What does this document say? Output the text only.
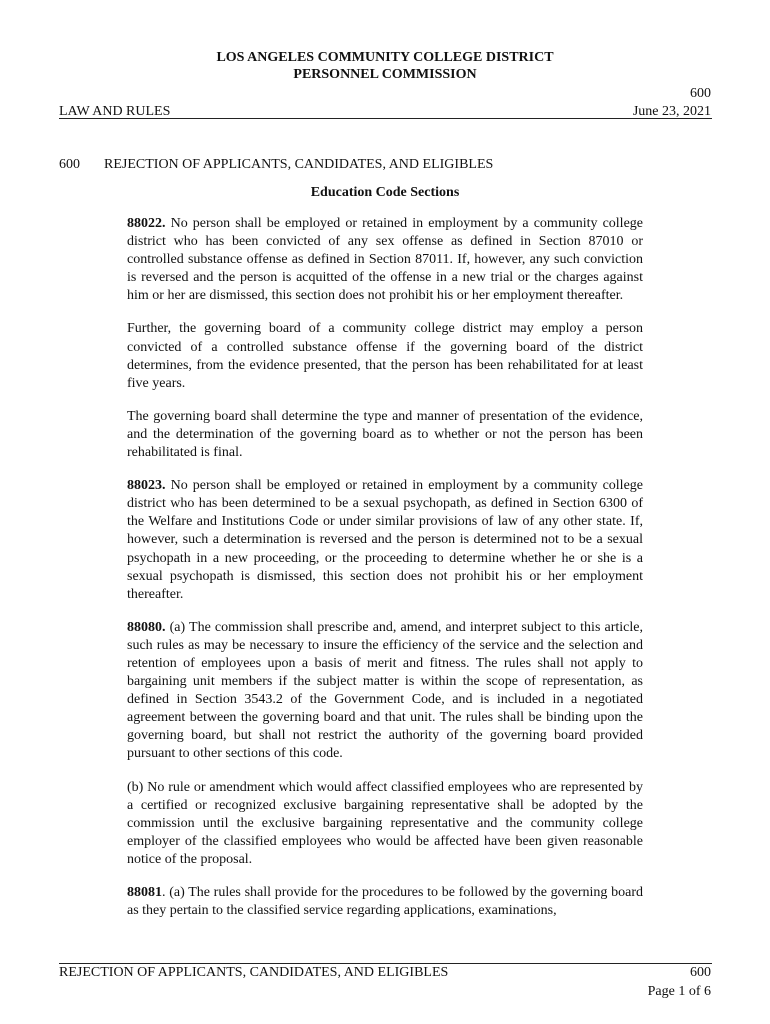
LOS ANGELES COMMUNITY COLLEGE DISTRICT
PERSONNEL COMMISSION
600
LAW AND RULES	June 23, 2021
600 REJECTION OF APPLICANTS, CANDIDATES, AND ELIGIBLES
Education Code Sections

88022. No person shall be employed or retained in employment by a community college district who has been convicted of any sex offense as defined in Section 87010 or controlled substance offense as defined in Section 87011. If, however, any such conviction is reversed and the person is acquitted of the offense in a new trial or the charges against him or her are dismissed, this section does not prohibit his or her employment thereafter.

Further, the governing board of a community college district may employ a person convicted of a controlled substance offense if the governing board of the district determines, from the evidence presented, that the person has been rehabilitated for at least five years.

The governing board shall determine the type and manner of presentation of the evidence, and the determination of the governing board as to whether or not the person has been rehabilitated is final.

88023. No person shall be employed or retained in employment by a community college district who has been determined to be a sexual psychopath, as defined in Section 6300 of the Welfare and Institutions Code or under similar provisions of law of any other state. If, however, such a determination is reversed and the person is determined not to be a sexual psychopath in a new proceeding, or the proceeding to determine whether he or she is a sexual psychopath is dismissed, this section does not prohibit his or her employment thereafter.

88080. (a) The commission shall prescribe and, amend, and interpret subject to this article, such rules as may be necessary to insure the efficiency of the service and the selection and retention of employees upon a basis of merit and fitness. The rules shall not apply to bargaining unit members if the subject matter is within the scope of representation, as defined in Section 3543.2 of the Government Code, and is included in a negotiated agreement between the governing board and that unit. The rules shall be binding upon the governing board, but shall not restrict the authority of the governing board provided pursuant to other sections of this code.

(b) No rule or amendment which would affect classified employees who are represented by a certified or recognized exclusive bargaining representative shall be adopted by the commission until the exclusive bargaining representative and the community college employer of the classified employees who would be affected have been given reasonable notice of the proposal.

88081. (a) The rules shall provide for the procedures to be followed by the governing board as they pertain to the classified service regarding applications, examinations,

REJECTION OF APPLICANTS, CANDIDATES, AND ELIGIBLES	600
Page 1 of 6
